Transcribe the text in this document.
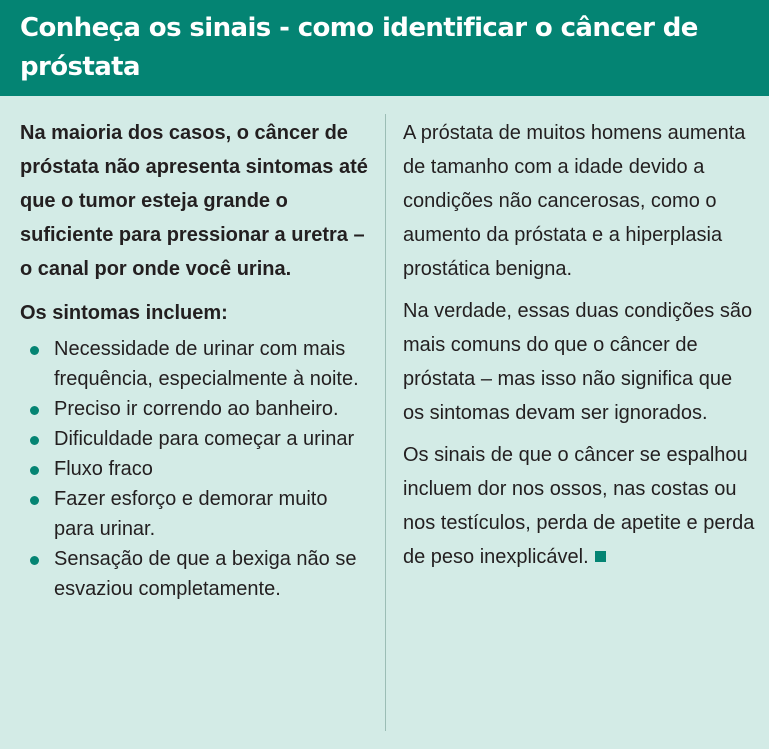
Conheça os sinais - como identificar o câncer de próstata

Na maioria dos casos, o câncer de próstata não apresenta sintomas até que o tumor esteja grande o suficiente para pressionar a uretra – o canal por onde você urina.

Os sintomas incluem:
Necessidade de urinar com mais frequência, especialmente à noite.
Preciso ir correndo ao banheiro.
Dificuldade para começar a urinar
Fluxo fraco
Fazer esforço e demorar muito para urinar.
Sensação de que a bexiga não se esvaziou completamente.

A próstata de muitos homens aumenta de tamanho com a idade devido a condições não cancerosas, como o aumento da próstata e a hiperplasia prostática benigna.

Na verdade, essas duas condições são mais comuns do que o câncer de próstata – mas isso não significa que os sintomas devam ser ignorados.

Os sinais de que o câncer se espalhou incluem dor nos ossos, nas costas ou nos testículos, perda de apetite e perda de peso inexplicável.
